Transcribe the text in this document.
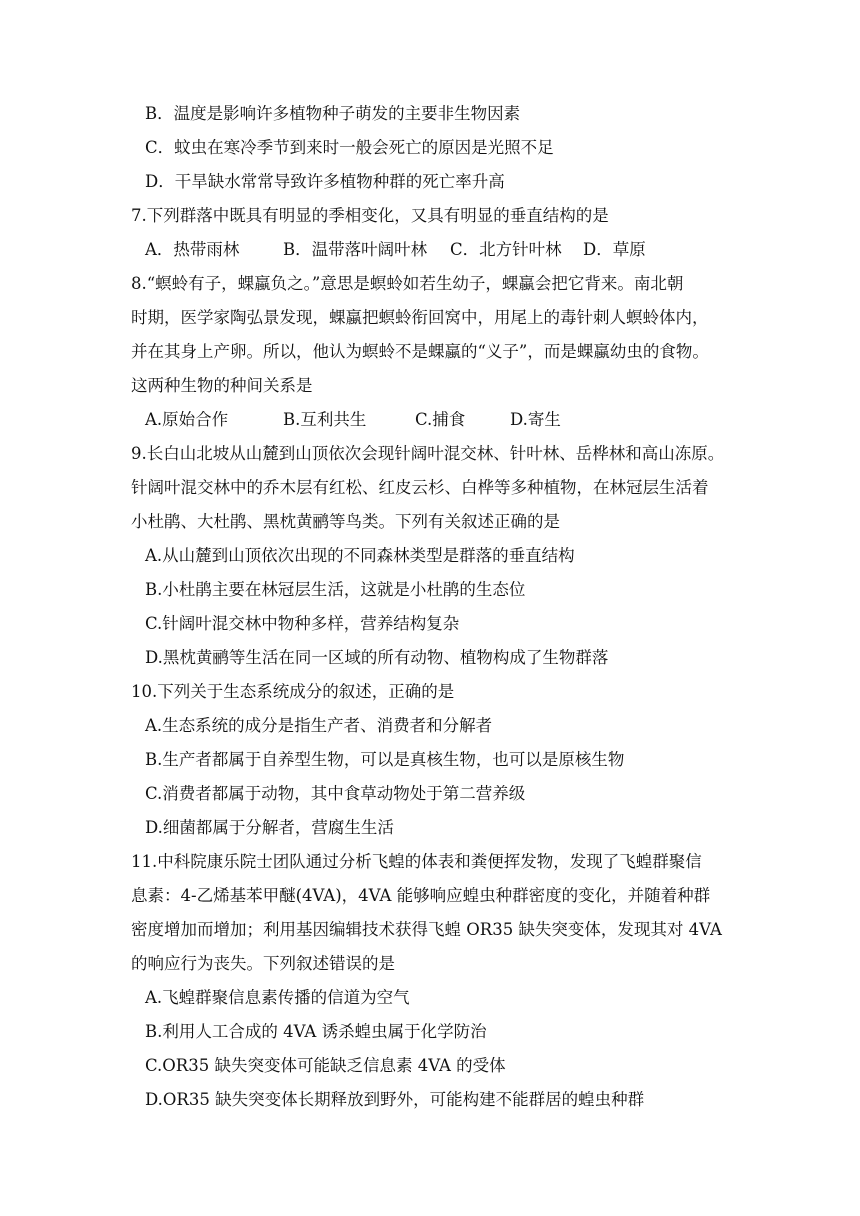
B．温度是影响许多植物种子萌发的主要非生物因素
C．蚊虫在寒冷季节到来时一般会死亡的原因是光照不足
D．干旱缺水常常导致许多植物种群的死亡率升高
7.下列群落中既具有明显的季相变化，又具有明显的垂直结构的是
A．热带雨林	B．温带落叶阔叶林	C．北方针叶林	D．草原
8.“螟蛉有子，蜾蠃负之。”意思是螟蛉如若生幼子，蜾蠃会把它背来。南北朝
时期，医学家陶弘景发现，蜾蠃把螟蛉衔回窝中，用尾上的毒针刺人螟蛉体内，
并在其身上产卵。所以，他认为螟蛉不是蜾蠃的“义子”，而是蜾蠃幼虫的食物。
这两种生物的种间关系是
A.原始合作	B.互利共生	C.捕食	D.寄生
9.长白山北坡从山麓到山顶依次会现针阔叶混交林、针叶林、岳桦林和高山冻原。
针阔叶混交林中的乔木层有红松、红皮云杉、白桦等多种植物，在林冠层生活着
小杜鹃、大杜鹃、黑枕黄鹂等鸟类。下列有关叙述正确的是
A.从山麓到山顶依次出现的不同森林类型是群落的垂直结构
B.小杜鹃主要在林冠层生活，这就是小杜鹃的生态位
C.针阔叶混交林中物种多样，营养结构复杂
D.黑枕黄鹂等生活在同一区域的所有动物、植物构成了生物群落
10.下列关于生态系统成分的叙述，正确的是
A.生态系统的成分是指生产者、消费者和分解者
B.生产者都属于自养型生物，可以是真核生物，也可以是原核生物
C.消费者都属于动物，其中食草动物处于第二营养级
D.细菌都属于分解者，营腐生生活
11.中科院康乐院士团队通过分析飞蝗的体表和粪便挥发物，发现了飞蝗群聚信
息素：4-乙烯基苯甲醚(4VA)，4VA 能够响应蝗虫种群密度的变化，并随着种群
密度增加而增加；利用基因编辑技术获得飞蝗 OR35 缺失突变体，发现其对 4VA
的响应行为丧失。下列叙述错误的是
A.飞蝗群聚信息素传播的信道为空气
B.利用人工合成的 4VA 诱杀蝗虫属于化学防治
C.OR35 缺失突变体可能缺乏信息素 4VA 的受体
D.OR35 缺失突变体长期释放到野外，可能构建不能群居的蝗虫种群
